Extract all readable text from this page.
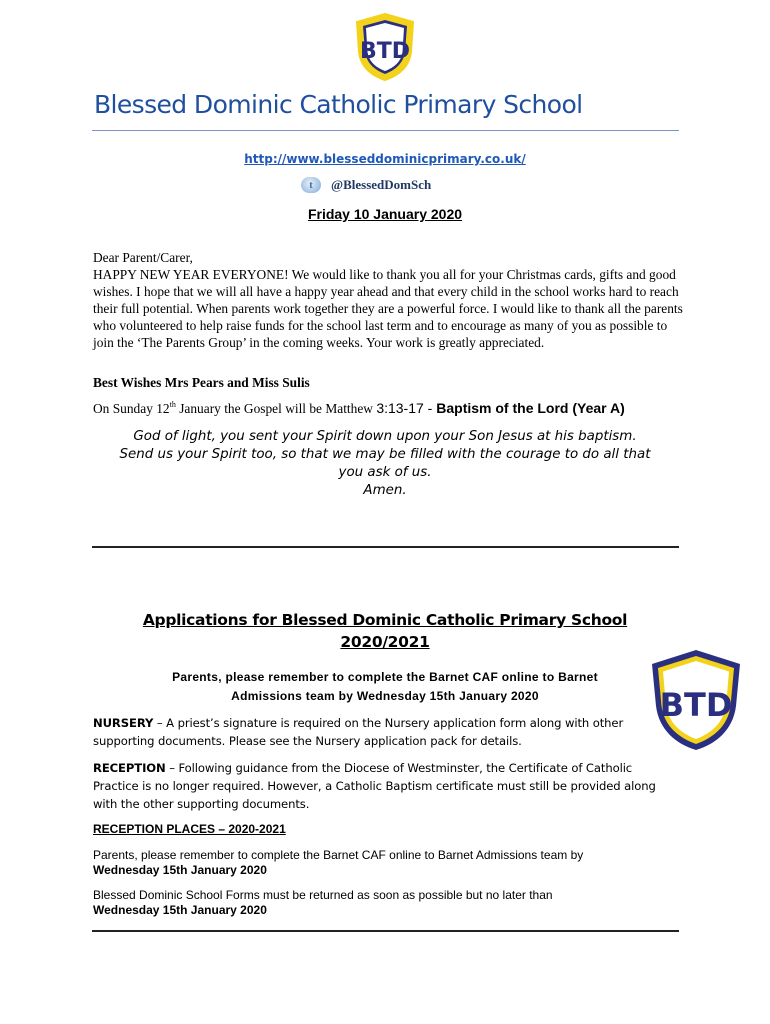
BTD
Blessed Dominic Catholic Primary School
http://www.blesseddominicprimary.co.uk/
t	@BlessedDomSch
Friday 10 January 2020

Dear Parent/Carer,

HAPPY NEW YEAR EVERYONE! We would like to thank you all for your Christmas cards, gifts and good wishes. I hope that we will all have a happy year ahead and that every child in the school works hard to reach their full potential. When parents work together they are a powerful force. I would like to thank all the parents who volunteered to help raise funds for the school last term and to encourage as many of you as possible to join the ‘The Parents Group’ in the coming weeks. Your work is greatly appreciated.

Best Wishes Mrs Pears and Miss Sulis
On Sunday 12th January the Gospel will be Matthew 3:13-17 - Baptism of the Lord (Year A)
God of light, you sent your Spirit down upon your Son Jesus at his baptism.
Send us your Spirit too, so that we may be filled with the courage to do all that
you ask of us.
Amen.
Applications for Blessed Dominic Catholic Primary School
2020/2021
Parents, please remember to complete the Barnet CAF online to Barnet
Admissions team by Wednesday 15th January 2020	BTD
NURSERY – A priest’s signature is required on the Nursery application form along with other supporting documents. Please see the Nursery application pack for details.
RECEPTION – Following guidance from the Diocese of Westminster, the Certificate of Catholic Practice is no longer required. However, a Catholic Baptism certificate must still be provided along with the other supporting documents.
RECEPTION PLACES – 2020-2021
Parents, please remember to complete the Barnet CAF online to Barnet Admissions team by
Wednesday 15th January 2020
Blessed Dominic School Forms must be returned as soon as possible but no later than
Wednesday 15th January 2020
